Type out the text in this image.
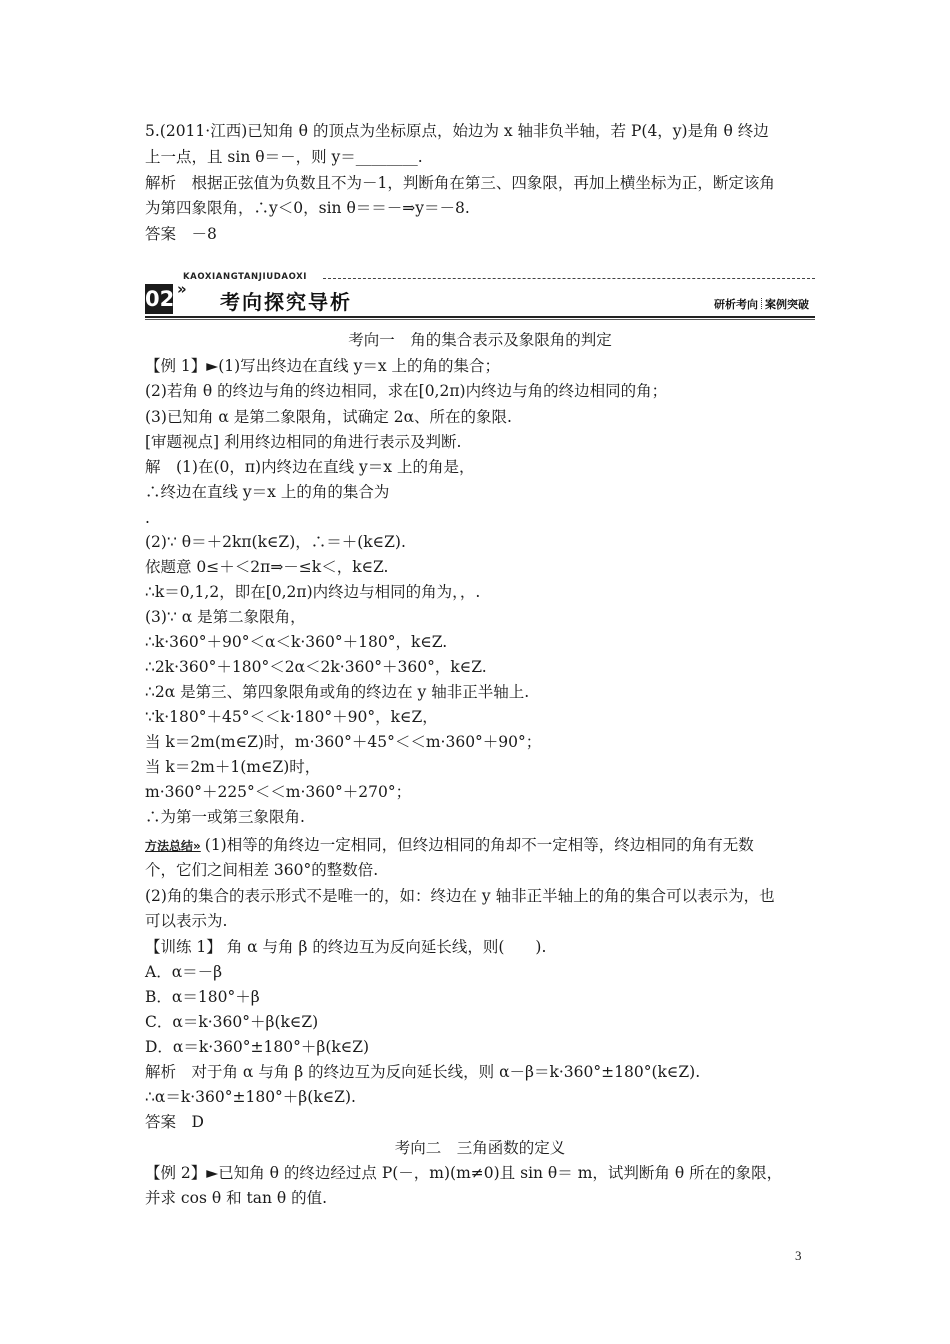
5.(2011·江西)已知角 θ 的顶点为坐标原点，始边为 x 轴非负半轴，若 P(4，y)是角 θ 终边
上一点，且 sin θ＝－，则 y＝________.
解析　根据正弦值为负数且不为－1，判断角在第三、四象限，再加上横坐标为正，断定该角
为第四象限角，∴y＜0，sin θ＝＝－⇒y＝－8.
答案　－8
KAOXIANGTANJIUDAOXI
02 »
考向探究导析	研析考向 案例突破
考向一　角的集合表示及象限角的判定
【例 1】►(1)写出终边在直线 y＝x 上的角的集合；
(2)若角 θ 的终边与角的终边相同，求在[0,2π)内终边与角的终边相同的角；
(3)已知角 α 是第二象限角，试确定 2α、所在的象限.
[审题视点] 利用终边相同的角进行表示及判断.
解　(1)在(0，π)内终边在直线 y＝x 上的角是，
∴终边在直线 y＝x 上的角的集合为
.
(2)∵ θ＝＋2kπ(k∈Z)，∴＝＋(k∈Z).
依题意 0≤＋＜2π⇒－≤k＜，k∈Z.
∴k＝0,1,2，即在[0,2π)内终边与相同的角为，，.
(3)∵ α 是第二象限角，
∴k·360°＋90°＜α＜k·360°＋180°，k∈Z.
∴2k·360°＋180°＜2α＜2k·360°＋360°，k∈Z.
∴2α 是第三、第四象限角或角的终边在 y 轴非正半轴上.
∵k·180°＋45°＜＜k·180°＋90°，k∈Z，
当 k＝2m(m∈Z)时，m·360°＋45°＜＜m·360°＋90°；
当 k＝2m＋1(m∈Z)时，
m·360°＋225°＜＜m·360°＋270°；
∴为第一或第三象限角.
方法总结» (1)相等的角终边一定相同，但终边相同的角却不一定相等，终边相同的角有无数
个，它们之间相差 360°的整数倍.
(2)角的集合的表示形式不是唯一的，如：终边在 y 轴非正半轴上的角的集合可以表示为，也
可以表示为.
【训练 1】 角 α 与角 β 的终边互为反向延长线，则(　　).
A．α＝－β
B．α＝180°＋β
C．α＝k·360°＋β(k∈Z)
D．α＝k·360°±180°＋β(k∈Z)
解析　对于角 α 与角 β 的终边互为反向延长线，则 α－β＝k·360°±180°(k∈Z).
∴α＝k·360°±180°＋β(k∈Z).
答案　D
考向二　三角函数的定义
【例 2】►已知角 θ 的终边经过点 P(－，m)(m≠0)且 sin θ＝ m，试判断角 θ 所在的象限，
并求 cos θ 和 tan θ 的值.
3
